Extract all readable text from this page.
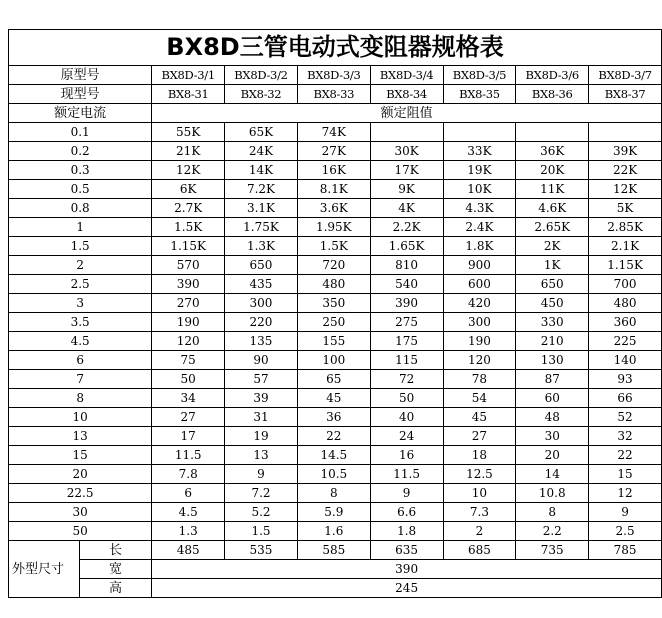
BX8D三管电动式变阻器规格表								
原型号		BX8D-3/1	BX8D-3/2	BX8D-3/3	BX8D-3/4	BX8D-3/5	BX8D-3/6	BX8D-3/7
现型号		BX8-31	BX8-32	BX8-33	BX8-34	BX8-35	BX8-36	BX8-37
额定电流		额定阻值						
0.1		55K	65K	74K				
0.2		21K	24K	27K	30K	33K	36K	39K
0.3		12K	14K	16K	17K	19K	20K	22K
0.5		6K	7.2K	8.1K	9K	10K	11K	12K
0.8		2.7K	3.1K	3.6K	4K	4.3K	4.6K	5K
1		1.5K	1.75K	1.95K	2.2K	2.4K	2.65K	2.85K
1.5		1.15K	1.3K	1.5K	1.65K	1.8K	2K	2.1K
2		570	650	720	810	900	1K	1.15K
2.5		390	435	480	540	600	650	700
3		270	300	350	390	420	450	480
3.5		190	220	250	275	300	330	360
4.5		120	135	155	175	190	210	225
6		75	90	100	115	120	130	140
7		50	57	65	72	78	87	93
8		34	39	45	50	54	60	66
10		27	31	36	40	45	48	52
13		17	19	22	24	27	30	32
15		11.5	13	14.5	16	18	20	22
20		7.8	9	10.5	11.5	12.5	14	15
22.5		6	7.2	8	9	10	10.8	12
30		4.5	5.2	5.9	6.6	7.3	8	9
50		1.3	1.5	1.6	1.8	2	2.2	2.5
外型尺寸	长	485	535	585	635	685	735	785
	宽	390						
	高	245						
